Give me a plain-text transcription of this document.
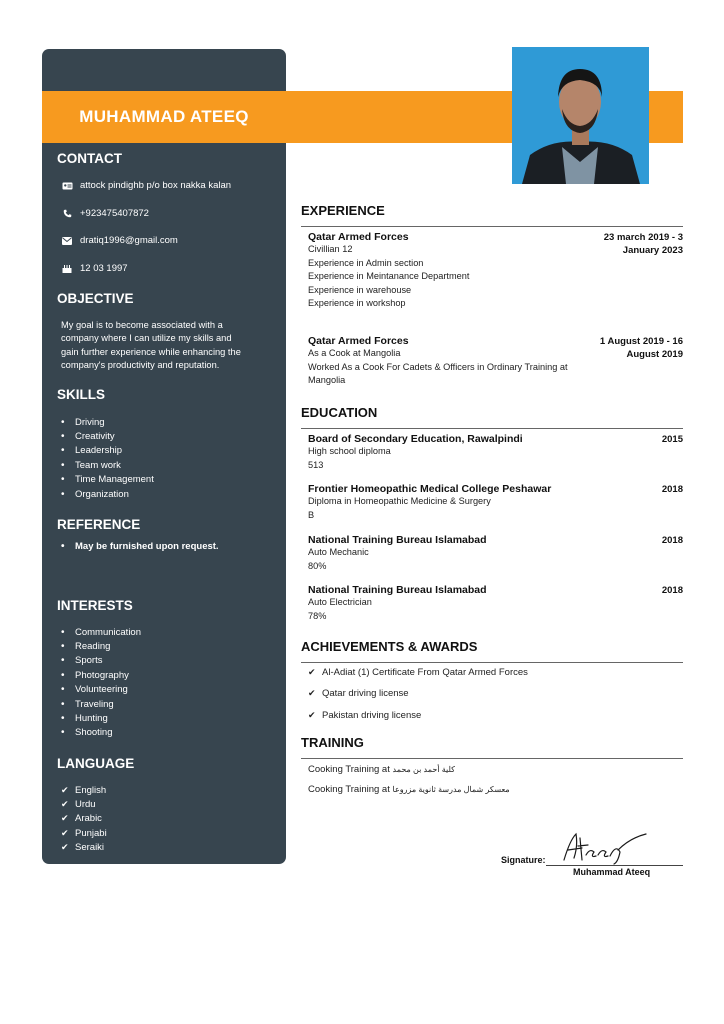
MUHAMMAD ATEEQ
CONTACT
attock pindighb p/o box nakka kalan
+923475407872
dratiq1996@gmail.com
12 03 1997
OBJECTIVE
My goal is to become associated with a
company where I can utilize my skills and
gain further experience while enhancing the
company's productivity and reputation.
SKILLS
• Driving
• Creativity
• Leadership
• Team work
• Time Management
• Organization
REFERENCE
• May be furnished upon request.
INTERESTS
• Communication
• Reading
• Sports
• Photography
• Volunteering
• Traveling
• Hunting
• Shooting
LANGUAGE
✔ English
✔ Urdu
✔ Arabic
✔ Punjabi
✔ Seraiki
EXPERIENCE
Qatar Armed Forces	23 march 2019 - 3
January 2023
Civillian 12
Experience in Admin section
Experience in Meintanance Department
Experience in warehouse
Experience in workshop
Qatar Armed Forces	1 August 2019 - 16
August 2019
As a Cook at Mangolia
Worked As a Cook For Cadets & Officers in Ordinary Training at
Mangolia
EDUCATION
Board of Secondary Education, Rawalpindi	2015
High school diploma
513
Frontier Homeopathic Medical College Peshawar	2018
Diploma in Homeopathic Medicine & Surgery
B
National Training Bureau Islamabad	2018
Auto Mechanic
80%
National Training Bureau Islamabad	2018
Auto Electrician
78%
ACHIEVEMENTS & AWARDS
✔ Al-Adiat (1) Certificate From Qatar Armed Forces
✔ Qatar driving license
✔ Pakistan driving license
TRAINING
Cooking Training at كلية أحمد بن محمد
Cooking Training at معسكر شمال مدرسة ثانوية مزروعا
Signature:
Muhammad Ateeq
